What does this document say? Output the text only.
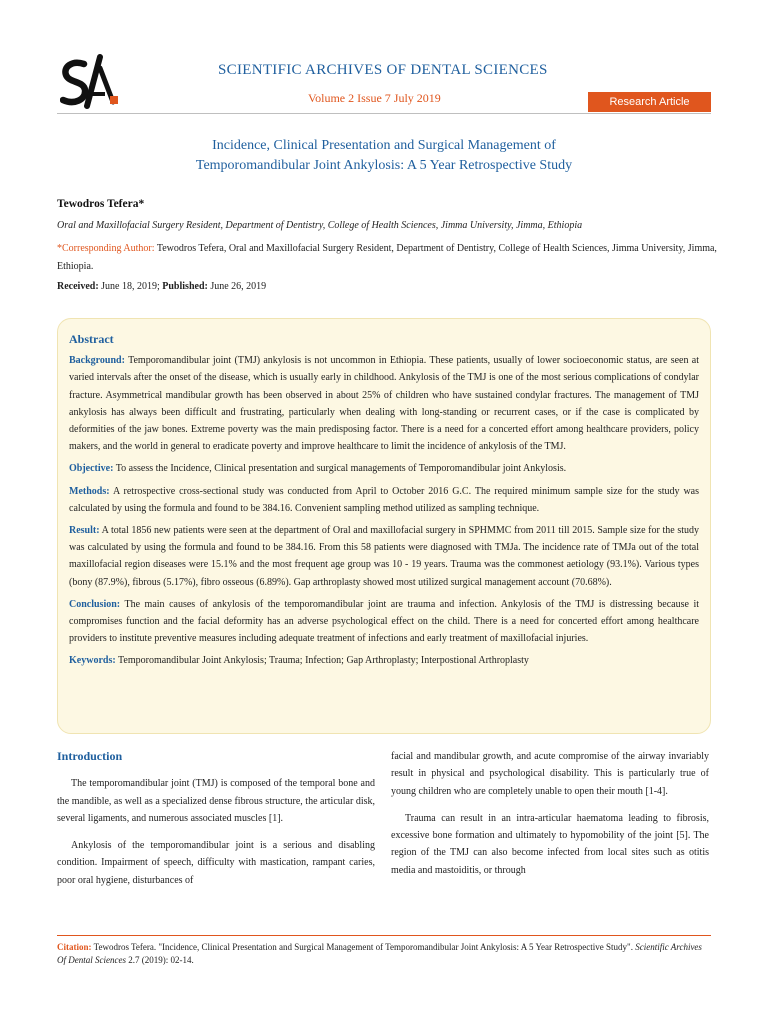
SCIENTIFIC ARCHIVES OF DENTAL SCIENCES
Volume 2 Issue 7 July 2019	Research Article
Incidence, Clinical Presentation and Surgical Management of
Temporomandibular Joint Ankylosis: A 5 Year Retrospective Study
Tewodros Tefera*
Oral and Maxillofacial Surgery Resident, Department of Dentistry, College of Health Sciences, Jimma University, Jimma, Ethiopia
*Corresponding Author: Tewodros Tefera, Oral and Maxillofacial Surgery Resident, Department of Dentistry, College of Health Sciences, Jimma University, Jimma, Ethiopia.
Received: June 18, 2019; Published: June 26, 2019
Abstract

Background: Temporomandibular joint (TMJ) ankylosis is not uncommon in Ethiopia. These patients, usually of lower socioeconomic status, are seen at varied intervals after the onset of the disease, which is usually early in childhood. Ankylosis of the TMJ is one of the most serious complications of condylar fracture. Asymmetrical mandibular growth has been observed in about 25% of children who have sustained condylar fractures. The management of TMJ ankylosis has always been difficult and frustrating, particularly when dealing with long-standing or recurrent cases, or if the case is complicated by deformities of the jaw bones. Extreme poverty was the main predisposing factor. There is a need for a concerted effort among healthcare providers, policy makers, and the world in general to eradicate poverty and improve healthcare to limit the incidence of ankylosis of the TMJ.

Objective: To assess the Incidence, Clinical presentation and surgical managements of Temporomandibular joint Ankylosis.

Methods: A retrospective cross-sectional study was conducted from April to October 2016 G.C. The required minimum sample size for the study was calculated by using the formula and found to be 384.16. Convenient sampling method utilized as sampling technique.

Result: A total 1856 new patients were seen at the department of Oral and maxillofacial surgery in SPHMMC from 2011 till 2015. Sample size for the study was calculated by using the formula and found to be 384.16. From this 58 patients were diagnosed with TMJa. The incidence rate of TMJa out of the total maxillofacial region diseases were 15.1% and the most frequent age group was 10 - 19 years. Trauma was the commonest aetiology (93.1%). Various types (bony (87.9%), fibrous (5.17%), fibro osseous (6.89%). Gap arthroplasty showed most utilized surgical management account (70.68%).

Conclusion: The main causes of ankylosis of the temporomandibular joint are trauma and infection. Ankylosis of the TMJ is distressing because it compromises function and the facial deformity has an adverse psychological effect on the child. There is a need for concerted effort among healthcare providers to institute preventive measures including adequate treatment of infections and early treatment of maxillofacial injuries.

Keywords: Temporomandibular Joint Ankylosis; Trauma; Infection; Gap Arthroplasty; Interpostional Arthroplasty

Introduction

The temporomandibular joint (TMJ) is composed of the temporal bone and the mandible, as well as a specialized dense fibrous structure, the articular disk, several ligaments, and numerous associated muscles [1].

Ankylosis of the temporomandibular joint is a serious and disabling condition. Impairment of speech, difficulty with mastication, rampant caries, poor oral hygiene, disturbances of

facial and mandibular growth, and acute compromise of the airway invariably result in physical and psychological disability. This is particularly true of young children who are completely unable to open their mouth [1-4].

Trauma can result in an intra-articular haematoma leading to fibrosis, excessive bone formation and ultimately to hypomobility of the joint [5]. The region of the TMJ can also become infected from local sites such as otitis media and mastoiditis, or through

Citation: Tewodros Tefera. "Incidence, Clinical Presentation and Surgical Management of Temporomandibular Joint Ankylosis: A 5 Year Retrospective Study". Scientific Archives Of Dental Sciences 2.7 (2019): 02-14.
